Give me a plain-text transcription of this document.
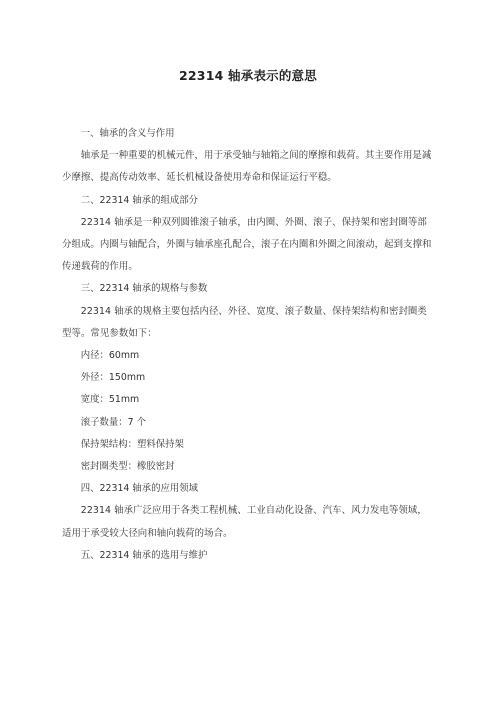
22314 轴承表示的意思

一、轴承的含义与作用

轴承是一种重要的机械元件，用于承受轴与轴箱之间的摩擦和载荷。其主要作用是减少摩擦、提高传动效率、延长机械设备使用寿命和保证运行平稳。

二、22314 轴承的组成部分

22314 轴承是一种双列圆锥滚子轴承，由内圈、外圈、滚子、保持架和密封圈等部分组成。内圈与轴配合，外圈与轴承座孔配合，滚子在内圈和外圈之间滚动，起到支撑和传递载荷的作用。

三、22314 轴承的规格与参数

22314 轴承的规格主要包括内径、外径、宽度、滚子数量、保持架结构和密封圈类型等。常见参数如下：

内径：60mm

外径：150mm

宽度：51mm

滚子数量：7 个

保持架结构：塑料保持架

密封圈类型：橡胶密封

四、22314 轴承的应用领域

22314 轴承广泛应用于各类工程机械、工业自动化设备、汽车、风力发电等领域，适用于承受较大径向和轴向载荷的场合。

五、22314 轴承的选用与维护
